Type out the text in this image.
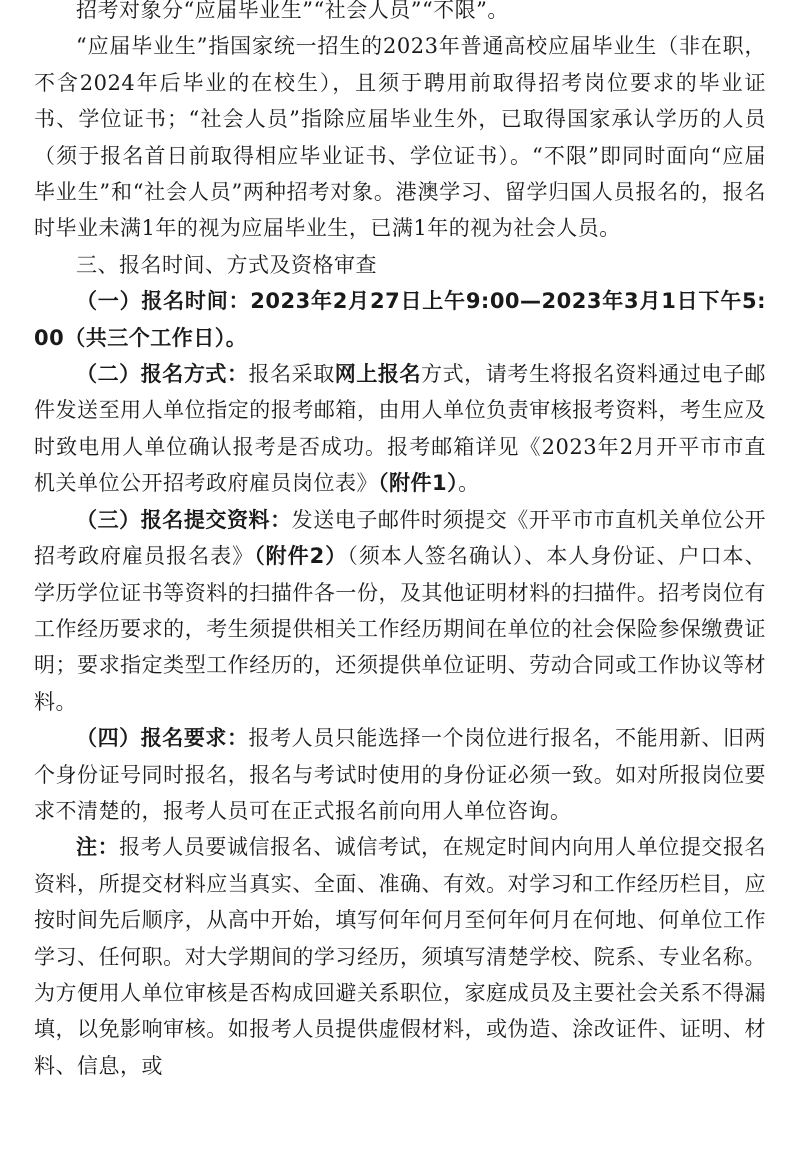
招考对象分“应届毕业生”“社会人员”“不限”。

“应届毕业生”指国家统一招生的2023年普通高校应届毕业生（非在职，不含2024年后毕业的在校生），且须于聘用前取得招考岗位要求的毕业证书、学位证书；“社会人员”指除应届毕业生外，已取得国家承认学历的人员（须于报名首日前取得相应毕业证书、学位证书）。“不限”即同时面向“应届毕业生”和“社会人员”两种招考对象。港澳学习、留学归国人员报名的，报名时毕业未满1年的视为应届毕业生，已满1年的视为社会人员。

三、报名时间、方式及资格审查

（一）报名时间：2023年2月27日上午9:00—2023年3月1日下午5:00（共三个工作日）。

（二）报名方式：报名采取网上报名方式，请考生将报名资料通过电子邮件发送至用人单位指定的报考邮箱，由用人单位负责审核报考资料，考生应及时致电用人单位确认报考是否成功。报考邮箱详见《2023年2月开平市市直机关单位公开招考政府雇员岗位表》（附件1）。

（三）报名提交资料：发送电子邮件时须提交《开平市市直机关单位公开招考政府雇员报名表》（附件2）（须本人签名确认）、本人身份证、户口本、学历学位证书等资料的扫描件各一份，及其他证明材料的扫描件。招考岗位有工作经历要求的，考生须提供相关工作经历期间在单位的社会保险参保缴费证明；要求指定类型工作经历的，还须提供单位证明、劳动合同或工作协议等材料。

（四）报名要求：报考人员只能选择一个岗位进行报名，不能用新、旧两个身份证号同时报名，报名与考试时使用的身份证必须一致。如对所报岗位要求不清楚的，报考人员可在正式报名前向用人单位咨询。

注：报考人员要诚信报名、诚信考试，在规定时间内向用人单位提交报名资料，所提交材料应当真实、全面、准确、有效。对学习和工作经历栏目，应按时间先后顺序，从高中开始，填写何年何月至何年何月在何地、何单位工作学习、任何职。对大学期间的学习经历，须填写清楚学校、院系、专业名称。为方便用人单位审核是否构成回避关系职位，家庭成员及主要社会关系不得漏填，以免影响审核。如报考人员提供虚假材料，或伪造、涂改证件、证明、材料、信息，或
